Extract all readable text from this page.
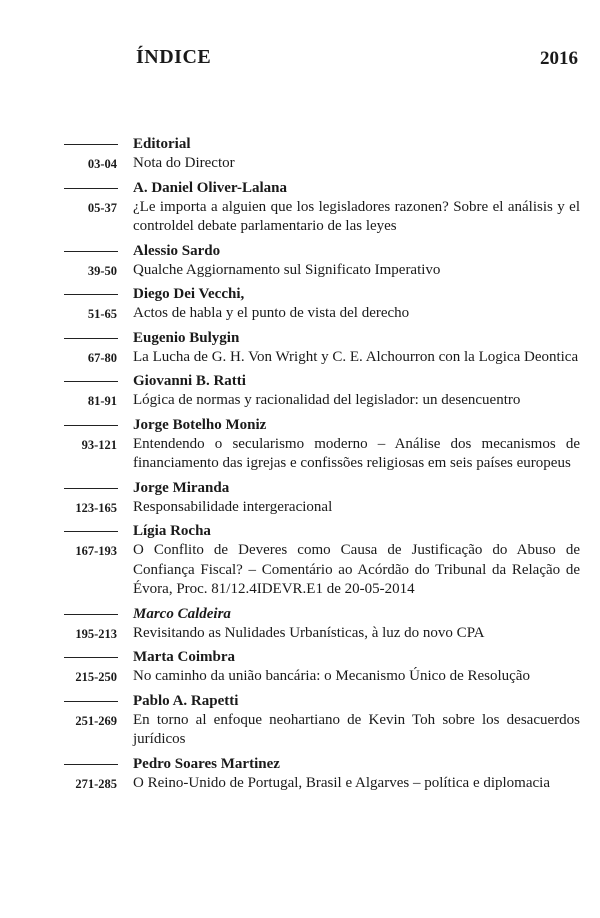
ÍNDICE	2016
Editorial
03-04 Nota do Director
A. Daniel Oliver-Lalana
05-37 ¿Le importa a alguien que los legisladores razonen? Sobre el análisis y el controldel debate parlamentario de las leyes
Alessio Sardo
39-50 Qualche Aggiornamento sul Significato Imperativo
Diego Dei Vecchi,
51-65 Actos de habla y el punto de vista del derecho
Eugenio Bulygin
67-80 La Lucha de G. H. Von Wright y C. E. Alchourron con la Logica Deontica
Giovanni B. Ratti
81-91 Lógica de normas y racionalidad del legislador: un desencuentro
Jorge Botelho Moniz
93-121 Entendendo o secularismo moderno – Análise dos mecanismos de financiamento das igrejas e confissões religiosas em seis países europeus
Jorge Miranda
123-165 Responsabilidade intergeracional
Lígia Rocha
167-193 O Conflito de Deveres como Causa de Justificação do Abuso de Confiança Fiscal? – Comentário ao Acórdão do Tribunal da Relação de Évora, Proc. 81/12.4IDEVR.E1 de 20-05-2014
Marco Caldeira
195-213 Revisitando as Nulidades Urbanísticas, à luz do novo CPA
Marta Coimbra
215-250 No caminho da união bancária: o Mecanismo Único de Resolução
Pablo A. Rapetti
251-269 En torno al enfoque neohartiano de Kevin Toh sobre los desacuerdos jurídicos
Pedro Soares Martinez
271-285 O Reino-Unido de Portugal, Brasil e Algarves – política e diplomacia
